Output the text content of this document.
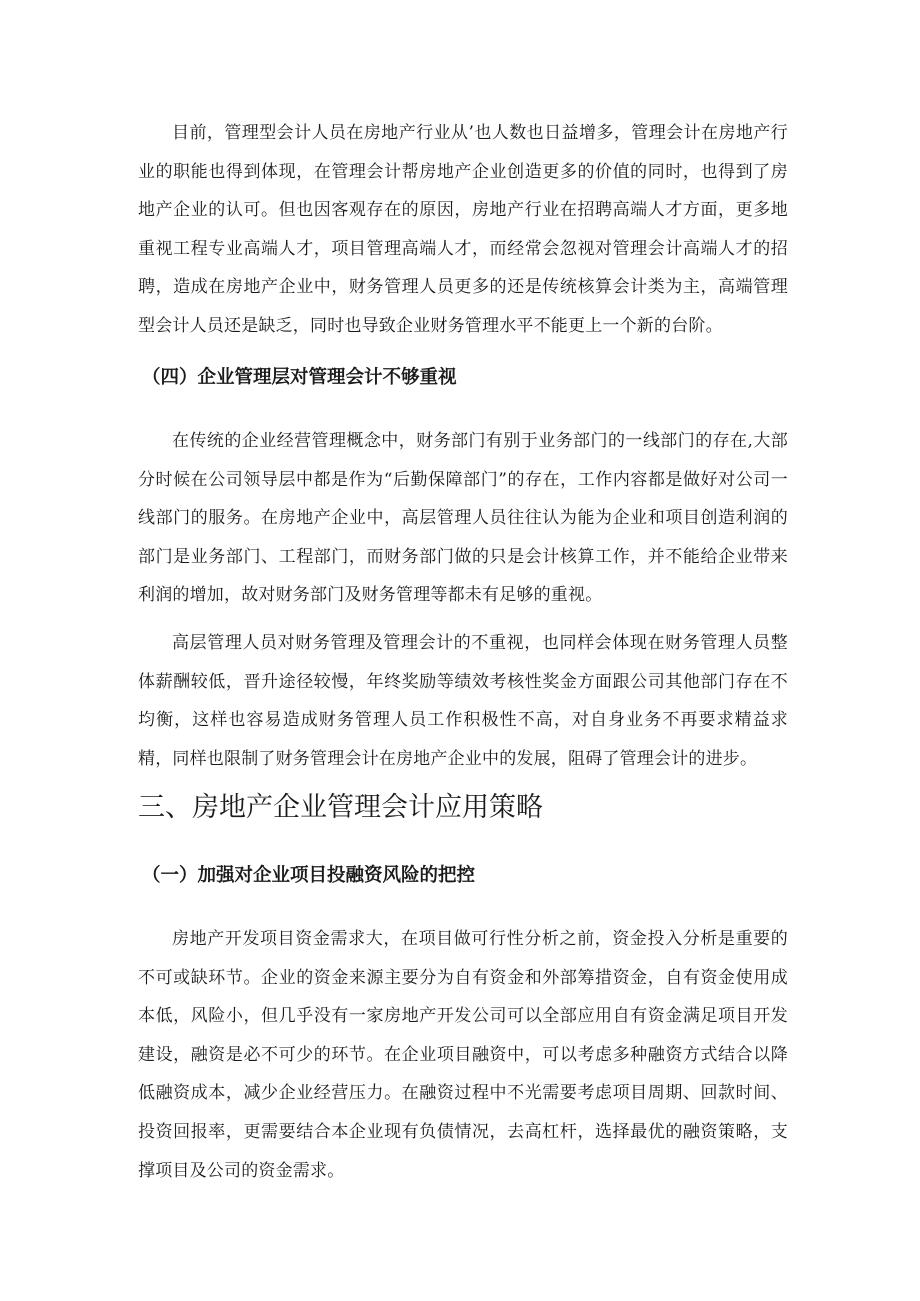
目前，管理型会计人员在房地产行业从’也人数也日益增多，管理会计在房地产行业的职能也得到体现，在管理会计帮房地产企业创造更多的价值的同时，也得到了房地产企业的认可。但也因客观存在的原因，房地产行业在招聘高端人才方面，更多地重视工程专业高端人才，项目管理高端人才，而经常会忽视对管理会计高端人才的招聘，造成在房地产企业中，财务管理人员更多的还是传统核算会计类为主，高端管理型会计人员还是缺乏，同时也导致企业财务管理水平不能更上一个新的台阶。

（四）企业管理层对管理会计不够重视

在传统的企业经营管理概念中，财务部门有别于业务部门的一线部门的存在,大部分时候在公司领导层中都是作为“后勤保障部门”的存在，工作内容都是做好对公司一线部门的服务。在房地产企业中，高层管理人员往往认为能为企业和项目创造利润的部门是业务部门、工程部门，而财务部门做的只是会计核算工作，并不能给企业带来利润的增加，故对财务部门及财务管理等都未有足够的重视。

高层管理人员对财务管理及管理会计的不重视，也同样会体现在财务管理人员整体薪酬较低，晋升途径较慢，年终奖励等绩效考核性奖金方面跟公司其他部门存在不均衡，这样也容易造成财务管理人员工作积极性不高，对自身业务不再要求精益求精，同样也限制了财务管理会计在房地产企业中的发展，阻碍了管理会计的进步。

三、房地产企业管理会计应用策略
（一）加强对企业项目投融资风险的把控

房地产开发项目资金需求大，在项目做可行性分析之前，资金投入分析是重要的不可或缺环节。企业的资金来源主要分为自有资金和外部筹措资金，自有资金使用成本低，风险小，但几乎没有一家房地产开发公司可以全部应用自有资金满足项目开发建设，融资是必不可少的环节。在企业项目融资中，可以考虑多种融资方式结合以降低融资成本，减少企业经营压力。在融资过程中不光需要考虑项目周期、回款时间、投资回报率，更需要结合本企业现有负债情况，去高杠杆，选择最优的融资策略，支撑项目及公司的资金需求。
